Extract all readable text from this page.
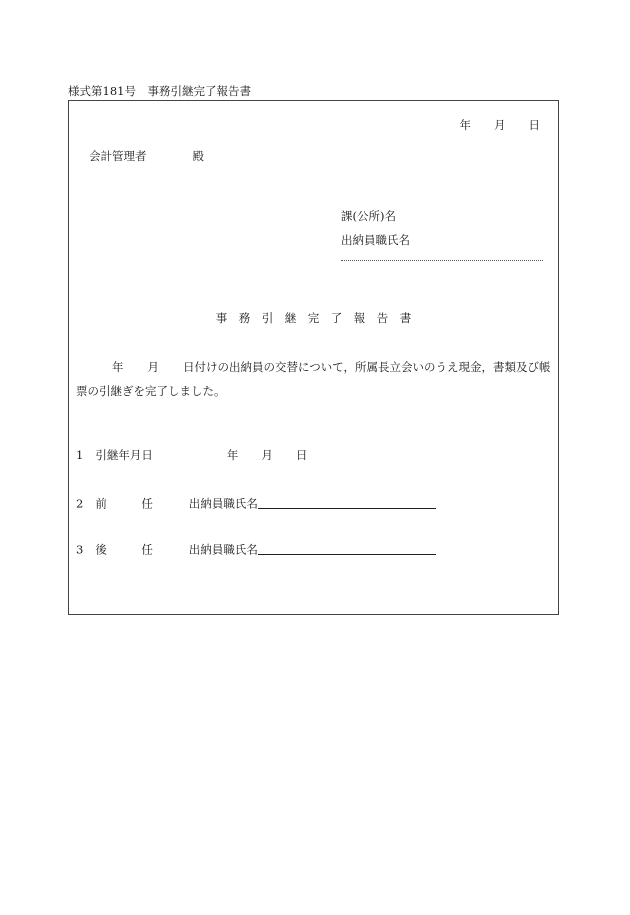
様式第181号　事務引継完了報告書
年　　月　　日
会計管理者	殿
課(公所)名
出納員職氏名
事　務　引　継　完　了　報　告　書
年 月 日付けの出納員の交替について，所属長立会いのうえ現金，書類及び帳票の引継ぎを完了しました。
1 引継年月日	年　　月　　日
2 前　　　任	出納員職氏名
3 後　　　任	出納員職氏名
